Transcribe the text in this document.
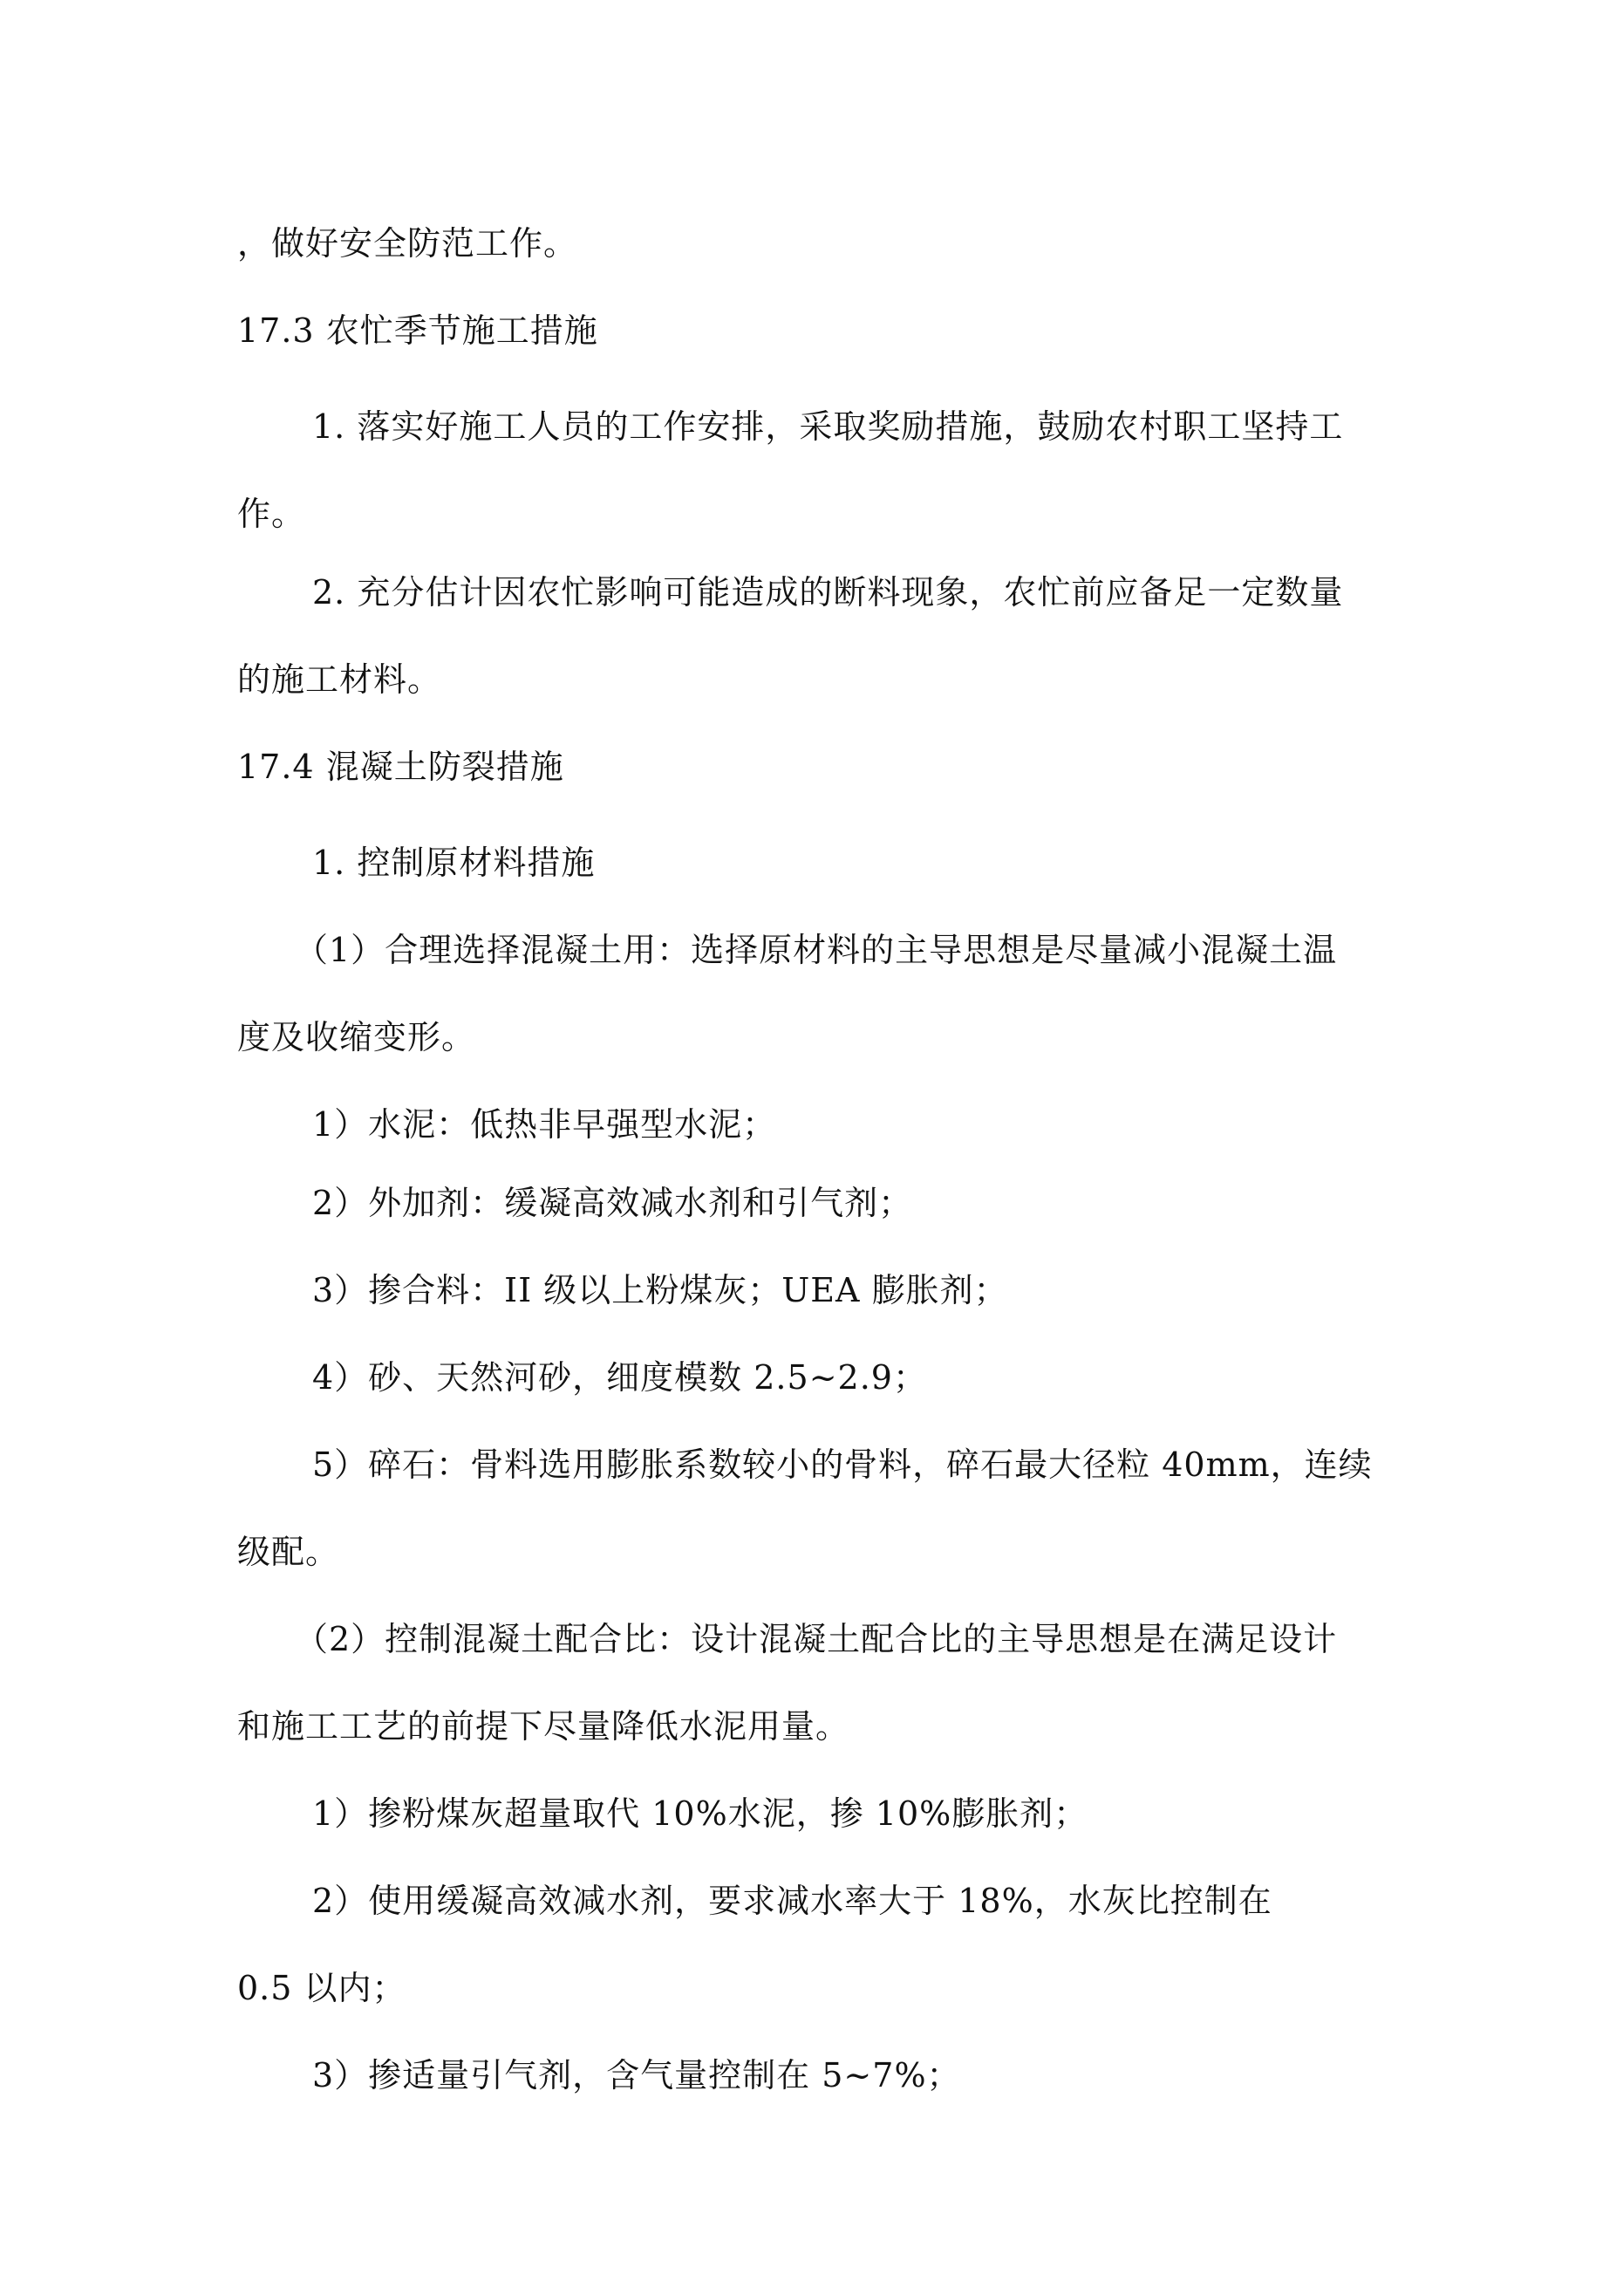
，做好安全防范工作。
17.3 农忙季节施工措施
1. 落实好施工人员的工作安排，采取奖励措施，鼓励农村职工坚持工
作。
2. 充分估计因农忙影响可能造成的断料现象，农忙前应备足一定数量
的施工材料。
17.4 混凝土防裂措施
1. 控制原材料措施
（1）合理选择混凝土用：选择原材料的主导思想是尽量减小混凝土温
度及收缩变形。
1）水泥：低热非早强型水泥；
2）外加剂：缓凝高效减水剂和引气剂；
3）掺合料：II 级以上粉煤灰；UEA 膨胀剂；
4）砂、天然河砂，细度模数 2.5~2.9；
5）碎石：骨料选用膨胀系数较小的骨料，碎石最大径粒 40mm，连续
级配。
（2）控制混凝土配合比：设计混凝土配合比的主导思想是在满足设计
和施工工艺的前提下尽量降低水泥用量。
1）掺粉煤灰超量取代 10%水泥，掺 10%膨胀剂；
2）使用缓凝高效减水剂，要求减水率大于 18%，水灰比控制在
0.5 以内；
3）掺适量引气剂，含气量控制在 5~7%；
